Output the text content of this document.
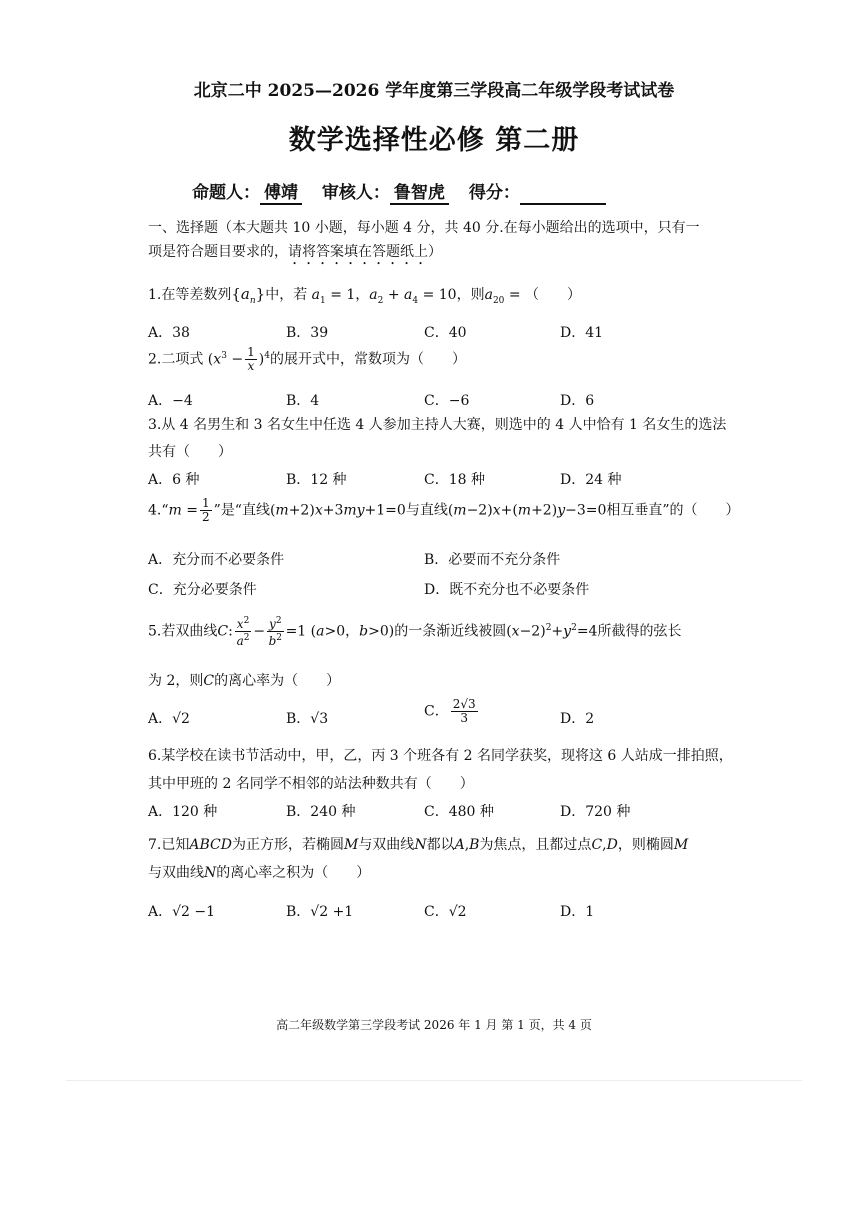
北京二中 2025—2026 学年度第三学段高二年级学段考试试卷
数学选择性必修 第二册
命题人： 傅靖 审核人： 鲁智虎 得分：
一、选择题（本大题共 10 小题，每小题 4 分，共 40 分.在每小题给出的选项中，只有一项是符合题目要求的，请将答案填在答题纸上）
1.在等差数列$\{a_n\}$中，若 $a_1 = 1$，$a_2 + a_4 = 10$，则$a_{20}$ = （　　）
A．38	B．39	C．40	D．41
2.二项式 $(x^3 - \frac{1}{x} )^4$的展开式中，常数项为（　　）
A．−4	B．4	C．−6	D．6
3.从 4 名男生和 3 名女生中任选 4 人参加主持人大赛，则选中的 4 人中恰有 1 名女生的选法
共有（　　）
A．6 种	B．12 种	C．18 种	D．24 种
4.“m = $\frac{1}{2}$ ”是“直线(m+2)x+3my+1=0与直线(m−2)x+(m+2)y−3=0相互垂直”的（　　）
A．充分而不必要条件	B．必要而不充分条件
C．充分必要条件	D．既不充分也不必要条件
5.若双曲线C: $\frac{x^2}{a^2} - \frac{y^2}{b^2} =1$ (a>0，b>0)的一条渐近线被圆$(x-2)^2+y^2=4$所截得的弦长
为 2，则C的离心率为（　　）
A．√2	B．√3	C． $\frac{2√3}{3}$	D．2
6.某学校在读书节活动中，甲，乙，丙 3 个班各有 2 名同学获奖，现将这 6 人站成一排拍照，
其中甲班的 2 名同学不相邻的站法种数共有（　　）
A．120 种	B．240 种	C．480 种	D．720 种
7.已知ABCD为正方形，若椭圆M与双曲线N都以A,B为焦点，且都过点C,D，则椭圆M
与双曲线N的离心率之积为（　　）
A．√2 −1	B．√2 +1	C．√2	D．1
高二年级数学第三学段考试 2026 年 1 月 第 1 页，共 4 页
